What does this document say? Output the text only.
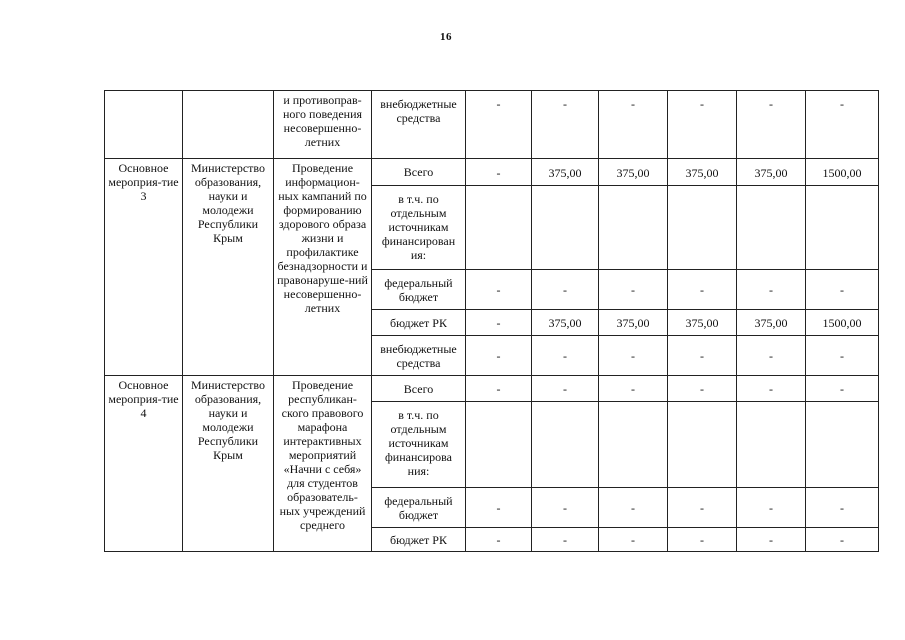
16

		и противоправ-ного поведения несовершенно-летних	внебюджетные средства	-	-	-	-	-	-

Основное мероприя-тие 3	Министерство образования, науки и молодежи Республики Крым	Проведение информацион-ных кампаний по формированию здорового образа жизни и профилактике безнадзорности и правонаруше-ний несовершенно-летних	Всего	-	375,00	375,00	375,00	375,00	1500,00

			в т.ч. по отдельным источникам финансирован ия:						

			федеральный бюджет	-	-	-	-	-	-
			бюджет РК	-	375,00	375,00	375,00	375,00	1500,00

			внебюджетные средства	-	-	-	-	-	-

Основное мероприя-тие 4	Министерство образования, науки и молодежи Республики Крым	Проведение республикан-ского правового марафона интерактивных мероприятий «Начни с себя» для студентов образователь-ных учреждений среднего	Всего	-	-	-	-	-	-

			в т.ч. по отдельным источникам финансирова ния:						

			федеральный бюджет	-	-	-	-	-	-
			бюджет РК	-	-	-	-	-	-
